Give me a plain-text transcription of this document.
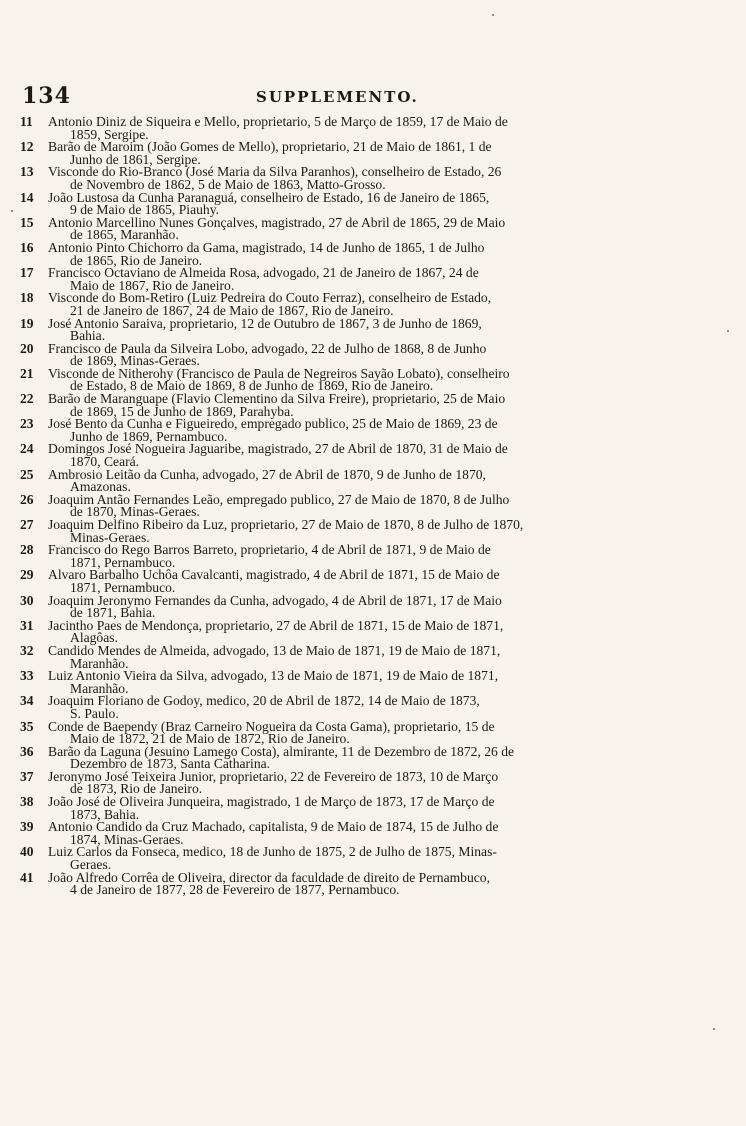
134	SUPPLEMENTO.
11	Antonio Diniz de Siqueira e Mello, proprietario, 5 de Março de 1859, 17 de Maio de
1859, Sergipe.
12	Barão de Maroim (João Gomes de Mello), proprietario, 21 de Maio de 1861, 1 de
Junho de 1861, Sergipe.
13	Visconde do Rio-Branco (José Maria da Silva Paranhos), conselheiro de Estado, 26
de Novembro de 1862, 5 de Maio de 1863, Matto-Grosso.
14	João Lustosa da Cunha Paranaguá, conselheiro de Estado, 16 de Janeiro de 1865,
9 de Maio de 1865, Piauhy.
15	Antonio Marcellino Nunes Gonçalves, magistrado, 27 de Abril de 1865, 29 de Maio
de 1865, Maranhão.
16	Antonio Pinto Chichorro da Gama, magistrado, 14 de Junho de 1865, 1 de Julho
de 1865, Rio de Janeiro.
17	Francisco Octaviano de Almeida Rosa, advogado, 21 de Janeiro de 1867, 24 de
Maio de 1867, Rio de Janeiro.
18	Visconde do Bom-Retiro (Luiz Pedreira do Couto Ferraz), conselheiro de Estado,
21 de Janeiro de 1867, 24 de Maio de 1867, Rio de Janeiro.
19	José Antonio Saraiva, proprietario, 12 de Outubro de 1867, 3 de Junho de 1869,
Bahia.
20	Francisco de Paula da Silveira Lobo, advogado, 22 de Julho de 1868, 8 de Junho
de 1869, Minas-Geraes.
21	Visconde de Nitherohy (Francisco de Paula de Negreiros Sayão Lobato), conselheiro
de Estado, 8 de Maio de 1869, 8 de Junho de 1869, Rio de Janeiro.
22	Barão de Maranguape (Flavio Clementino da Silva Freire), proprietario, 25 de Maio
de 1869, 15 de Junho de 1869, Parahyba.
23	José Bento da Cunha e Figueiredo, empregado publico, 25 de Maio de 1869, 23 de
Junho de 1869, Pernambuco.
24	Domingos José Nogueira Jaguaribe, magistrado, 27 de Abril de 1870, 31 de Maio de
1870, Ceará.
25	Ambrosio Leitão da Cunha, advogado, 27 de Abril de 1870, 9 de Junho de 1870,
Amazonas.
26	Joaquim Antão Fernandes Leão, empregado publico, 27 de Maio de 1870, 8 de Julho
de 1870, Minas-Geraes.
27	Joaquim Delfino Ribeiro da Luz, proprietario, 27 de Maio de 1870, 8 de Julho de 1870,
Minas-Geraes.
28	Francisco do Rego Barros Barreto, proprietario, 4 de Abril de 1871, 9 de Maio de
1871, Pernambuco.
29	Alvaro Barbalho Uchôa Cavalcanti, magistrado, 4 de Abril de 1871, 15 de Maio de
1871, Pernambuco.
30	Joaquim Jeronymo Fernandes da Cunha, advogado, 4 de Abril de 1871, 17 de Maio
de 1871, Bahia.
31	Jacintho Paes de Mendonça, proprietario, 27 de Abril de 1871, 15 de Maio de 1871,
Alagôas.
32	Candido Mendes de Almeida, advogado, 13 de Maio de 1871, 19 de Maio de 1871,
Maranhão.
33	Luiz Antonio Vieira da Silva, advogado, 13 de Maio de 1871, 19 de Maio de 1871,
Maranhão.
34	Joaquim Floriano de Godoy, medico, 20 de Abril de 1872, 14 de Maio de 1873,
S. Paulo.
35	Conde de Baependy (Braz Carneiro Nogueira da Costa Gama), proprietario, 15 de
Maio de 1872, 21 de Maio de 1872, Rio de Janeiro.
36	Barão da Laguna (Jesuino Lamego Costa), almirante, 11 de Dezembro de 1872, 26 de
Dezembro de 1873, Santa Catharina.
37	Jeronymo José Teixeira Junior, proprietario, 22 de Fevereiro de 1873, 10 de Março
de 1873, Rio de Janeiro.
38	João José de Oliveira Junqueira, magistrado, 1 de Março de 1873, 17 de Março de
1873, Bahia.
39	Antonio Candido da Cruz Machado, capitalista, 9 de Maio de 1874, 15 de Julho de
1874, Minas-Geraes.
40	Luiz Carlos da Fonseca, medico, 18 de Junho de 1875, 2 de Julho de 1875, Minas-
Geraes.
41	João Alfredo Corrêa de Oliveira, director da faculdade de direito de Pernambuco,
4 de Janeiro de 1877, 28 de Fevereiro de 1877, Pernambuco.
